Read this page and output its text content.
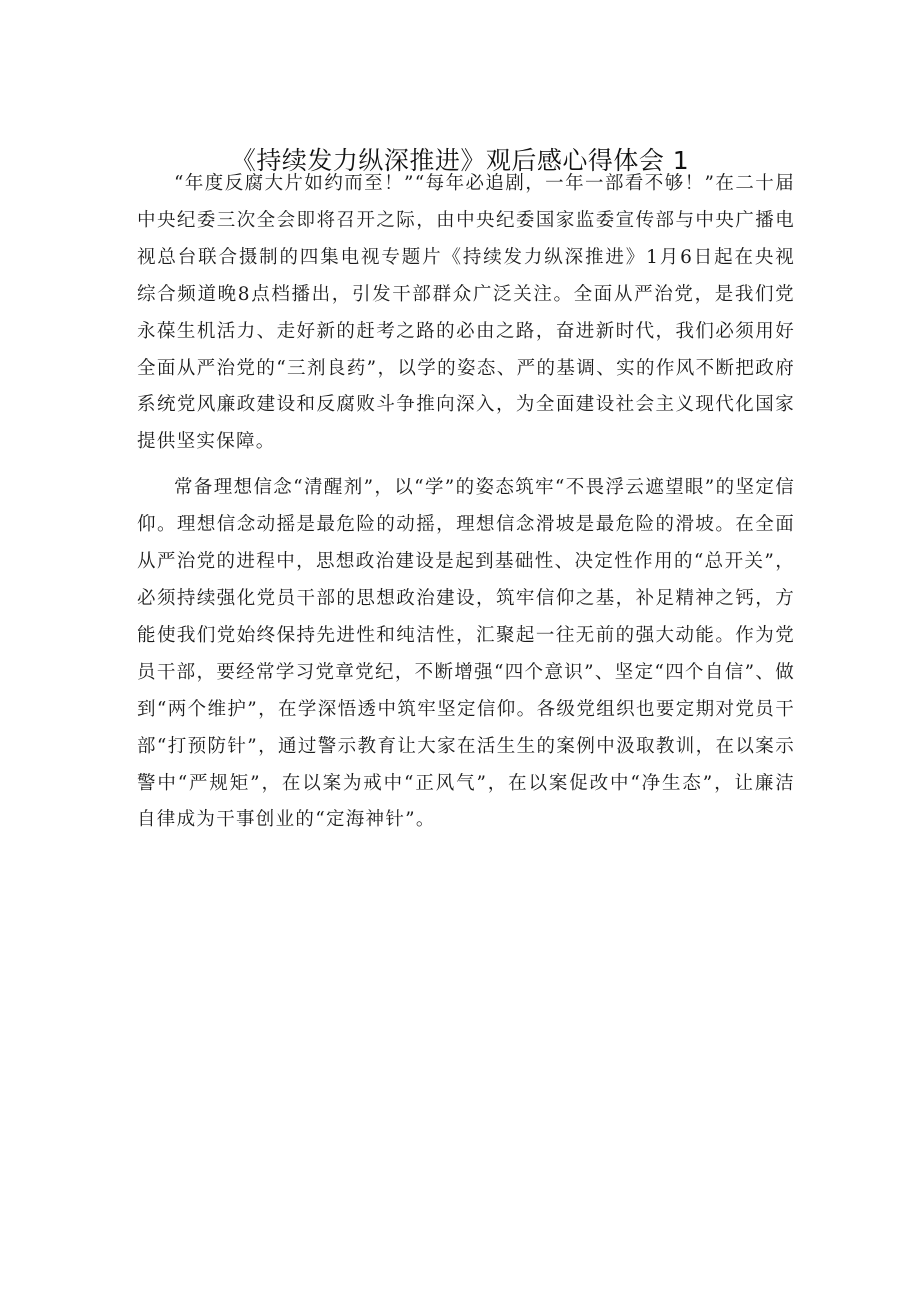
《持续发力纵深推进》观后感心得体会 1

“年度反腐大片如约而至！”“每年必追剧，一年一部看不够！”在二十届中央纪委三次全会即将召开之际，由中央纪委国家监委宣传部与中央广播电视总台联合摄制的四集电视专题片《持续发力纵深推进》1月6日起在央视综合频道晚8点档播出，引发干部群众广泛关注。全面从严治党，是我们党永葆生机活力、走好新的赶考之路的必由之路，奋进新时代，我们必须用好全面从严治党的“三剂良药”，以学的姿态、严的基调、实的作风不断把政府系统党风廉政建设和反腐败斗争推向深入，为全面建设社会主义现代化国家提供坚实保障。

常备理想信念“清醒剂”，以“学”的姿态筑牢“不畏浮云遮望眼”的坚定信仰。理想信念动摇是最危险的动摇，理想信念滑坡是最危险的滑坡。在全面从严治党的进程中，思想政治建设是起到基础性、决定性作用的“总开关”，必须持续强化党员干部的思想政治建设，筑牢信仰之基，补足精神之钙，方能使我们党始终保持先进性和纯洁性，汇聚起一往无前的强大动能。作为党员干部，要经常学习党章党纪，不断增强“四个意识”、坚定“四个自信”、做到“两个维护”，在学深悟透中筑牢坚定信仰。各级党组织也要定期对党员干部“打预防针”，通过警示教育让大家在活生生的案例中汲取教训，在以案示警中“严规矩”，在以案为戒中“正风气”，在以案促改中“净生态”，让廉洁自律成为干事创业的“定海神针”。
